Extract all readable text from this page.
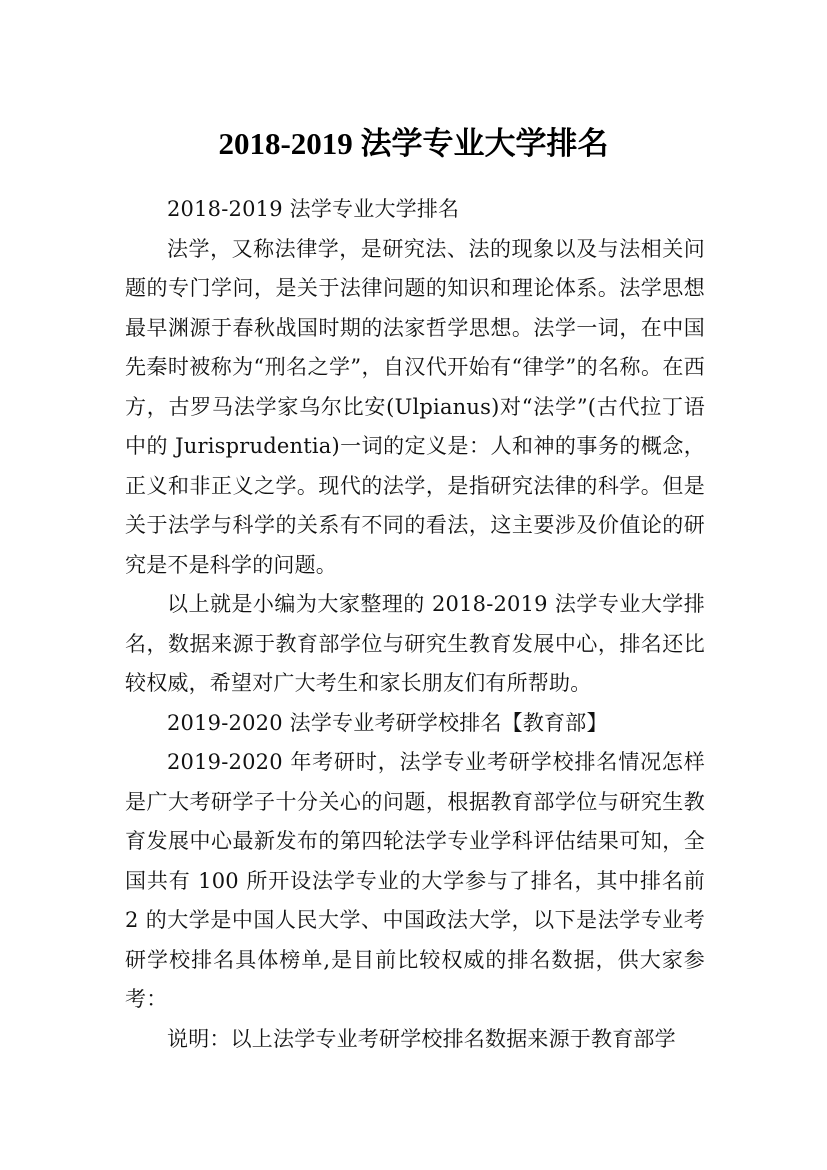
2018-2019 法学专业大学排名

2018-2019 法学专业大学排名

法学，又称法律学，是研究法、法的现象以及与法相关问题的专门学问，是关于法律问题的知识和理论体系。法学思想最早渊源于春秋战国时期的法家哲学思想。法学一词，在中国先秦时被称为“刑名之学”，自汉代开始有“律学”的名称。在西方，古罗马法学家乌尔比安(Ulpianus)对“法学”(古代拉丁语中的 Jurisprudentia)一词的定义是：人和神的事务的概念，正义和非正义之学。现代的法学，是指研究法律的科学。但是关于法学与科学的关系有不同的看法，这主要涉及价值论的研究是不是科学的问题。

以上就是小编为大家整理的 2018-2019 法学专业大学排名，数据来源于教育部学位与研究生教育发展中心，排名还比较权威，希望对广大考生和家长朋友们有所帮助。

2019-2020 法学专业考研学校排名【教育部】

2019-2020 年考研时，法学专业考研学校排名情况怎样是广大考研学子十分关心的问题，根据教育部学位与研究生教育发展中心最新发布的第四轮法学专业学科评估结果可知，全国共有 100 所开设法学专业的大学参与了排名，其中排名前 2 的大学是中国人民大学、中国政法大学，以下是法学专业考研学校排名具体榜单,是目前比较权威的排名数据，供大家参考：

说明：以上法学专业考研学校排名数据来源于教育部学
